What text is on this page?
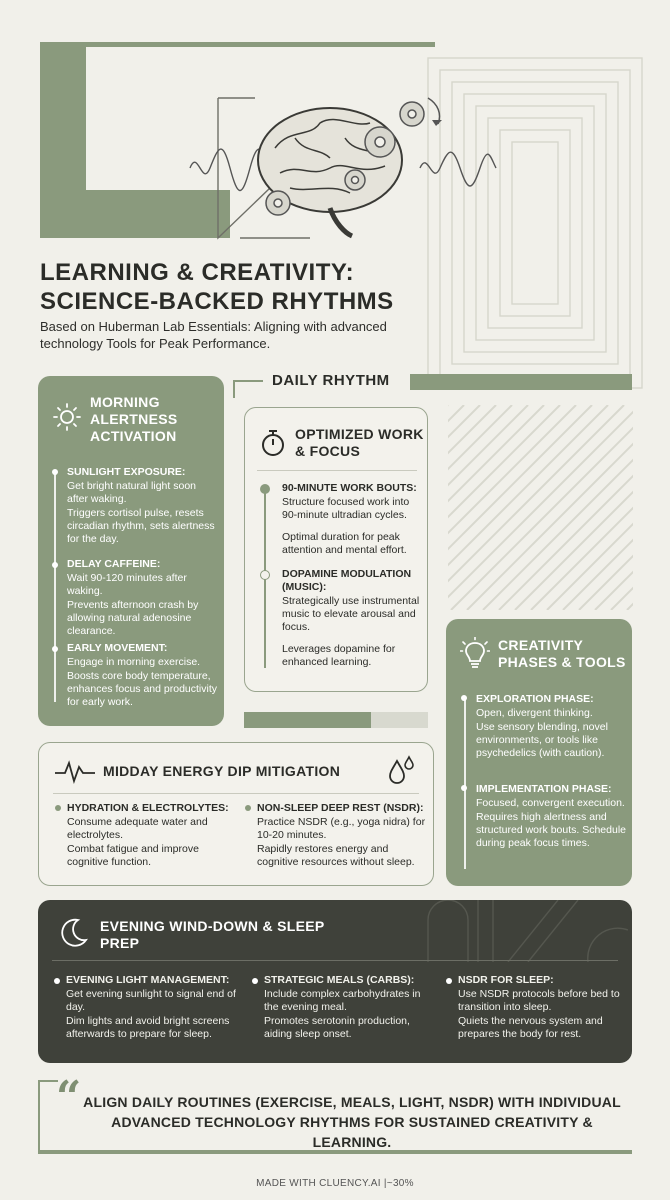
LEARNING & CREATIVITY:
SCIENCE-BACKED RHYTHMS
Based on Huberman Lab Essentials: Aligning with advanced technology Tools for Peak Performance.
DAILY RHYTHM
MORNING ALERTNESS ACTIVATION
SUNLIGHT EXPOSURE:

Get bright natural light soon after waking.

Triggers cortisol pulse, resets circadian rhythm, sets alertness for the day.

DELAY CAFFEINE:

Wait 90-120 minutes after waking.

Prevents afternoon crash by allowing natural adenosine clearance.

EARLY MOVEMENT:

Engage in morning exercise.

Boosts core body temperature, enhances focus and productivity for early work.

OPTIMIZED WORK & FOCUS
90-MINUTE WORK BOUTS:

Structure focused work into 90-minute ultradian cycles.

Optimal duration for peak attention and mental effort.

DOPAMINE MODULATION (MUSIC):

Strategically use instrumental music to elevate arousal and focus.

Leverages dopamine for enhanced learning.

CREATIVITY PHASES & TOOLS
EXPLORATION PHASE:

Open, divergent thinking.

Use sensory blending, novel environments, or tools like psychedelics (with caution).

IMPLEMENTATION PHASE:

Focused, convergent execution.

Requires high alertness and structured work bouts. Schedule during peak focus times.

MIDDAY ENERGY DIP MITIGATION
HYDRATION & ELECTROLYTES:

Consume adequate water and electrolytes.

Combat fatigue and improve cognitive function.

NON-SLEEP DEEP REST (NSDR):

Practice NSDR (e.g., yoga nidra) for 10-20 minutes.

Rapidly restores energy and cognitive resources without sleep.

EVENING WIND-DOWN & SLEEP PREP
EVENING LIGHT MANAGEMENT:

Get evening sunlight to signal end of day.

Dim lights and avoid bright screens afterwards to prepare for sleep.

STRATEGIC MEALS (CARBS):

Include complex carbohydrates in the evening meal.

Promotes serotonin production, aiding sleep onset.

NSDR FOR SLEEP:

Use NSDR protocols before bed to transition into sleep.

Quiets the nervous system and prepares the body for rest.

“ ALIGN DAILY ROUTINES (EXERCISE, MEALS, LIGHT, NSDR) WITH INDIVIDUAL ADVANCED TECHNOLOGY RHYTHMS FOR SUSTAINED CREATIVITY & LEARNING.
MADE WITH CLUENCY.AI |~30%
